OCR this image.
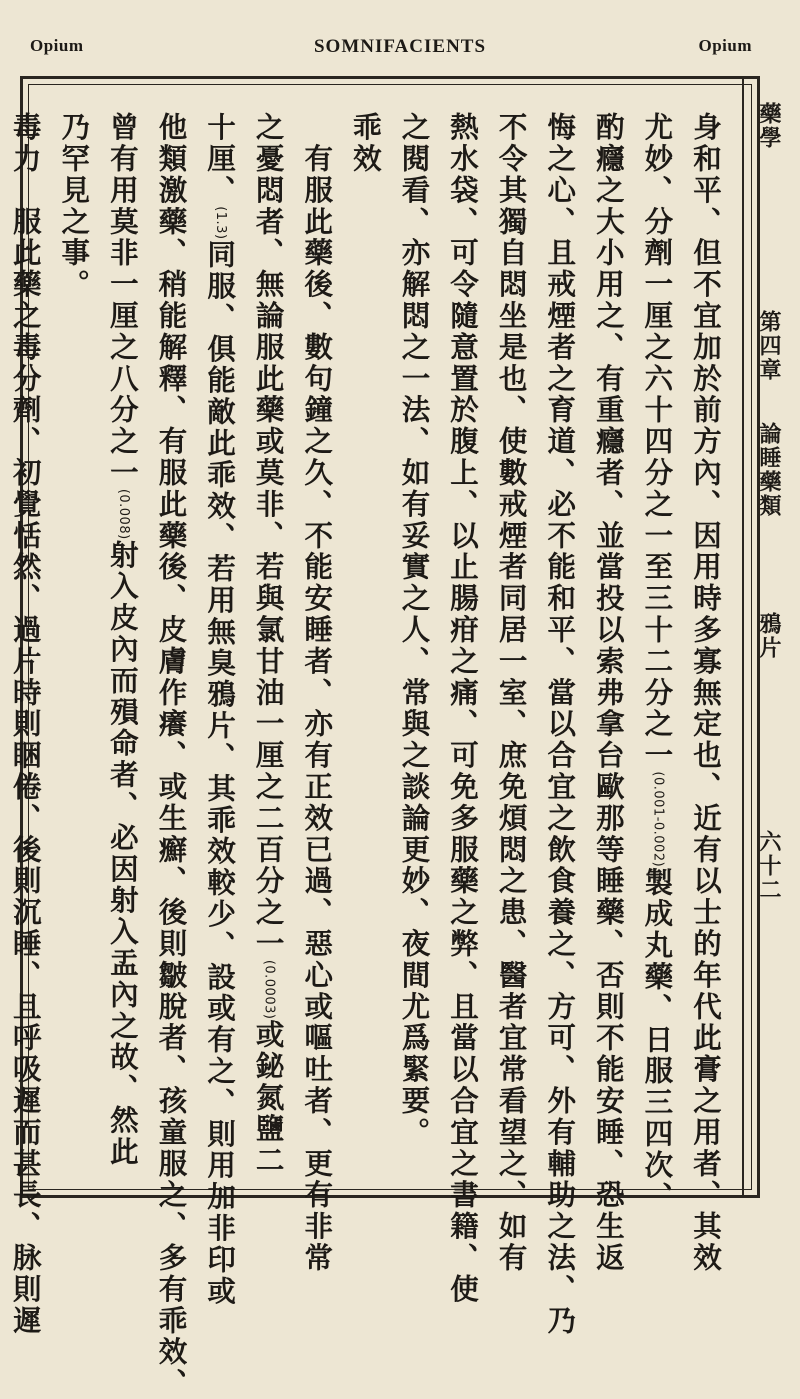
Opium	SOMNIFACIENTS	Opium
藥學
第四章
論睡藥類
鴉片
六十二
身和平、但不宜加於前方內、因用時多寡無定也、近有以士的年代此膏之用者、其效
尤妙、分劑一厘之六十四分之一至三十二分之一(0.001-0.002)製成丸藥、日服三四次、
酌癮之大小用之、有重癮者、並當投以索弗拿台歐那等睡藥、否則不能安睡、恐生返
悔之心、且戒煙者之育道、必不能和平、當以合宜之飲食養之、方可、外有輔助之法、乃
不令其獨自悶坐是也、使數戒煙者同居一室、庶免煩悶之患、醫者宜常看望之、如有
熱水袋、可令隨意置於腹上、以止腸疳之痛、可免多服藥之弊、且當以合宜之書籍、使
之閱看、亦解悶之一法、如有妥實之人、常與之談論更妙、夜間尤爲緊要。
乖效
　有服此藥後、數句鐘之久、不能安睡者、亦有正效已過、惡心或嘔吐者、更有非常
之憂悶者、無論服此藥或莫非、若與氯甘油一厘之二百分之一(0.0003)或鉍氮鹽二
十厘、(1.3)同服、俱能敵此乖效、若用無臭鴉片、其乖效較少、設或有之、則用加非印或
他類激藥、稍能解釋、有服此藥後、皮膚作癢、或生癬、後則皺脫者、孩童服之、多有乖效、
曾有用莫非一厘之八分之一(0.008)射入皮內而殞命者、必因射入盂內之故、然此
乃罕見之事。
毒力　服此藥之毒分劑、初覺恬然、過片時則睏倦、後則沉睡、且呼吸遲而甚長、脉則遲
